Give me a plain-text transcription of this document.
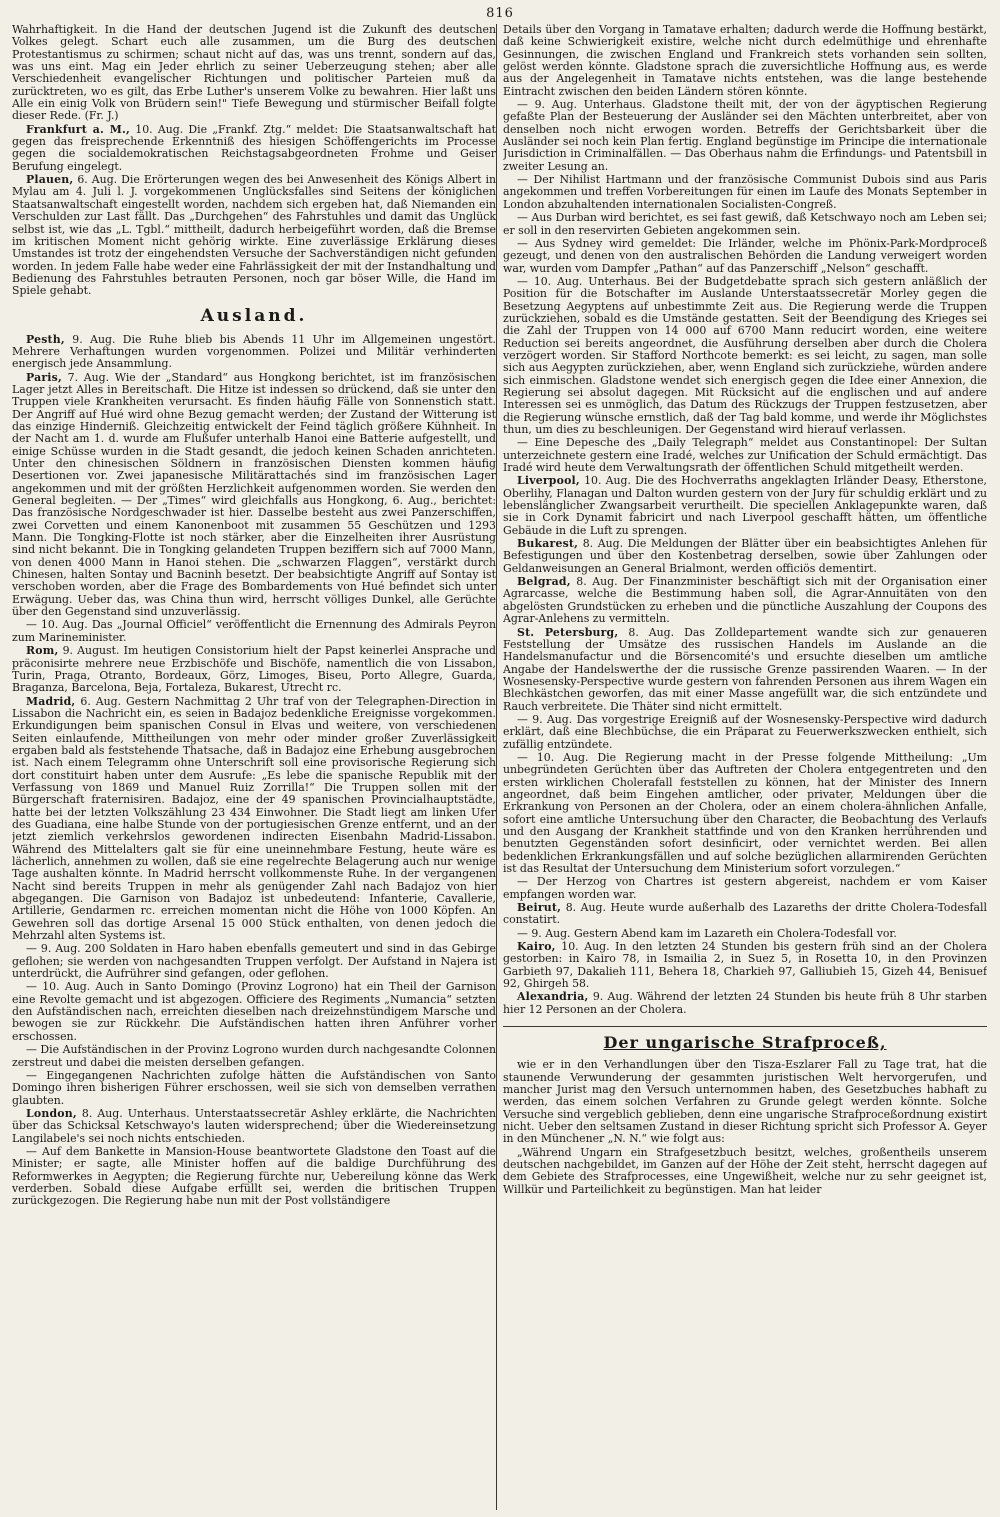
816

Wahrhaftigkeit. In die Hand der deutschen Jugend ist die Zukunft des deutschen Volkes gelegt. Schart euch alle zusammen, um die Burg des deutschen Protestantismus zu schirmen; schaut nicht auf das, was uns trennt, sondern auf das, was uns eint. Mag ein Jeder ehrlich zu seiner Ueberzeugung stehen; aber alle Verschiedenheit evangelischer Richtungen und politischer Parteien muß da zurücktreten, wo es gilt, das Erbe Luther's unserem Volke zu bewahren. Hier laßt uns Alle ein einig Volk von Brüdern sein!" Tiefe Bewegung und stürmischer Beifall folgte dieser Rede. (Fr. J.)

Frankfurt a. M., 10. Aug. Die „Frankf. Ztg.“ meldet: Die Staatsanwaltschaft hat gegen das freisprechende Erkenntniß des hiesigen Schöffengerichts im Processe gegen die socialdemokratischen Reichstagsabgeordneten Frohme und Geiser Berufung eingelegt.

Plauen, 6. Aug. Die Erörterungen wegen des bei Anwesenheit des Königs Albert in Mylau am 4. Juli l. J. vorgekommenen Unglücksfalles sind Seitens der königlichen Staatsanwaltschaft eingestellt worden, nachdem sich ergeben hat, daß Niemanden ein Verschulden zur Last fällt. Das „Durchgehen“ des Fahrstuhles und damit das Unglück selbst ist, wie das „L. Tgbl.“ mittheilt, dadurch herbeigeführt worden, daß die Bremse im kritischen Moment nicht gehörig wirkte. Eine zuverlässige Erklärung dieses Umstandes ist trotz der eingehendsten Versuche der Sachverständigen nicht gefunden worden. In jedem Falle habe weder eine Fahrlässigkeit der mit der Instandhaltung und Bedienung des Fahrstuhles betrauten Personen, noch gar böser Wille, die Hand im Spiele gehabt.

Ausland.

Pesth, 9. Aug. Die Ruhe blieb bis Abends 11 Uhr im Allgemeinen ungestört. Mehrere Verhaftungen wurden vorgenommen. Polizei und Militär verhinderten energisch jede Ansammlung.

Paris, 7. Aug. Wie der „Standard“ aus Hongkong berichtet, ist im französischen Lager jetzt Alles in Bereitschaft. Die Hitze ist indessen so drückend, daß sie unter den Truppen viele Krankheiten verursacht. Es finden häufig Fälle von Sonnenstich statt. Der Angriff auf Hué wird ohne Bezug gemacht werden; der Zustand der Witterung ist das einzige Hinderniß. Gleichzeitig entwickelt der Feind täglich größere Kühnheit. In der Nacht am 1. d. wurde am Flußufer unterhalb Hanoi eine Batterie aufgestellt, und einige Schüsse wurden in die Stadt gesandt, die jedoch keinen Schaden anrichteten. Unter den chinesischen Söldnern in französischen Diensten kommen häufig Desertionen vor. Zwei japanesische Militärattachés sind im französischen Lager angekommen und mit der größten Herzlichkeit aufgenommen worden. Sie werden den General begleiten. — Der „Times“ wird gleichfalls aus Hongkong, 6. Aug., berichtet: Das französische Nordgeschwader ist hier. Dasselbe besteht aus zwei Panzerschiffen, zwei Corvetten und einem Kanonenboot mit zusammen 55 Geschützen und 1293 Mann. Die Tongking-Flotte ist noch stärker, aber die Einzelheiten ihrer Ausrüstung sind nicht bekannt. Die in Tongking gelandeten Truppen beziffern sich auf 7000 Mann, von denen 4000 Mann in Hanoi stehen. Die „schwarzen Flaggen“, verstärkt durch Chinesen, halten Sontay und Bacninh besetzt. Der beabsichtigte Angriff auf Sontay ist verschoben worden, aber die Frage des Bombardements von Hué befindet sich unter Erwägung. Ueber das, was China thun wird, herrscht völliges Dunkel, alle Gerüchte über den Gegenstand sind unzuverlässig.

— 10. Aug. Das „Journal Officiel“ veröffentlicht die Ernennung des Admirals Peyron zum Marineminister.

Rom, 9. August. Im heutigen Consistorium hielt der Papst keinerlei Ansprache und präconisirte mehrere neue Erzbischöfe und Bischöfe, namentlich die von Lissabon, Turin, Praga, Otranto, Bordeaux, Görz, Limoges, Biseu, Porto Allegre, Guarda, Braganza, Barcelona, Beja, Fortaleza, Bukarest, Utrecht rc.

Madrid, 6. Aug. Gestern Nachmittag 2 Uhr traf von der Telegraphen-Direction in Lissabon die Nachricht ein, es seien in Badajoz bedenkliche Ereignisse vorgekommen. Erkundigungen beim spanischen Consul in Elvas und weitere, von verschiedenen Seiten einlaufende, Mittheilungen von mehr oder minder großer Zuverlässigkeit ergaben bald als feststehende Thatsache, daß in Badajoz eine Erhebung ausgebrochen ist. Nach einem Telegramm ohne Unterschrift soll eine provisorische Regierung sich dort constituirt haben unter dem Ausrufe: „Es lebe die spanische Republik mit der Verfassung von 1869 und Manuel Ruiz Zorrilla!“ Die Truppen sollen mit der Bürgerschaft fraternisiren. Badajoz, eine der 49 spanischen Provincialhauptstädte, hatte bei der letzten Volkszählung 23 434 Einwohner. Die Stadt liegt am linken Ufer des Guadiana, eine halbe Stunde von der portugiesischen Grenze entfernt, und an der jetzt ziemlich verkehrslos gewordenen indirecten Eisenbahn Madrid-Lissabon. Während des Mittelalters galt sie für eine uneinnehmbare Festung, heute wäre es lächerlich, annehmen zu wollen, daß sie eine regelrechte Belagerung auch nur wenige Tage aushalten könnte. In Madrid herrscht vollkommenste Ruhe. In der vergangenen Nacht sind bereits Truppen in mehr als genügender Zahl nach Badajoz von hier abgegangen. Die Garnison von Badajoz ist unbedeutend: Infanterie, Cavallerie, Artillerie, Gendarmen rc. erreichen momentan nicht die Höhe von 1000 Köpfen. An Gewehren soll das dortige Arsenal 15 000 Stück enthalten, von denen jedoch die Mehrzahl alten Systems ist.

— 9. Aug. 200 Soldaten in Haro haben ebenfalls gemeutert und sind in das Gebirge geflohen; sie werden von nachgesandten Truppen verfolgt. Der Aufstand in Najera ist unterdrückt, die Aufrührer sind gefangen, oder geflohen.

— 10. Aug. Auch in Santo Domingo (Provinz Logrono) hat ein Theil der Garnison eine Revolte gemacht und ist abgezogen. Officiere des Regiments „Numancia“ setzten den Aufständischen nach, erreichten dieselben nach dreizehnstündigem Marsche und bewogen sie zur Rückkehr. Die Aufständischen hatten ihren Anführer vorher erschossen.

— Die Aufständischen in der Provinz Logrono wurden durch nachgesandte Colonnen zerstreut und dabei die meisten derselben gefangen.

— Eingegangenen Nachrichten zufolge hätten die Aufständischen von Santo Domingo ihren bisherigen Führer erschossen, weil sie sich von demselben verrathen glaubten.

London, 8. Aug. Unterhaus. Unterstaatssecretär Ashley erklärte, die Nachrichten über das Schicksal Ketschwayo's lauten widersprechend; über die Wiedereinsetzung Langilabele's sei noch nichts entschieden.

— Auf dem Bankette in Mansion-House beantwortete Gladstone den Toast auf die Minister; er sagte, alle Minister hoffen auf die baldige Durchführung des Reformwerkes in Aegypten; die Regierung fürchte nur, Uebereilung könne das Werk verderben. Sobald diese Aufgabe erfüllt sei, werden die britischen Truppen zurückgezogen. Die Regierung habe nun mit der Post vollständigere

Details über den Vorgang in Tamatave erhalten; dadurch werde die Hoffnung bestärkt, daß keine Schwierigkeit existire, welche nicht durch edelmüthige und ehrenhafte Gesinnungen, die zwischen England und Frankreich stets vorhanden sein sollten, gelöst werden könnte. Gladstone sprach die zuversichtliche Hoffnung aus, es werde aus der Angelegenheit in Tamatave nichts entstehen, was die lange bestehende Eintracht zwischen den beiden Ländern stören könnte.

— 9. Aug. Unterhaus. Gladstone theilt mit, der von der ägyptischen Regierung gefaßte Plan der Besteuerung der Ausländer sei den Mächten unterbreitet, aber von denselben noch nicht erwogen worden. Betreffs der Gerichtsbarkeit über die Ausländer sei noch kein Plan fertig. England begünstige im Principe die internationale Jurisdiction in Criminalfällen. — Das Oberhaus nahm die Erfindungs- und Patentsbill in zweiter Lesung an.

— Der Nihilist Hartmann und der französische Communist Dubois sind aus Paris angekommen und treffen Vorbereitungen für einen im Laufe des Monats September in London abzuhaltenden internationalen Socialisten-Congreß.

— Aus Durban wird berichtet, es sei fast gewiß, daß Ketschwayo noch am Leben sei; er soll in den reservirten Gebieten angekommen sein.

— Aus Sydney wird gemeldet: Die Irländer, welche im Phönix-Park-Mordproceß gezeugt, und denen von den australischen Behörden die Landung verweigert worden war, wurden vom Dampfer „Pathan“ auf das Panzerschiff „Nelson“ geschafft.

— 10. Aug. Unterhaus. Bei der Budgetdebatte sprach sich gestern anläßlich der Position für die Botschafter im Auslande Unterstaatssecretär Morley gegen die Besetzung Aegyptens auf unbestimmte Zeit aus. Die Regierung werde die Truppen zurückziehen, sobald es die Umstände gestatten. Seit der Beendigung des Krieges sei die Zahl der Truppen von 14 000 auf 6700 Mann reducirt worden, eine weitere Reduction sei bereits angeordnet, die Ausführung derselben aber durch die Cholera verzögert worden. Sir Stafford Northcote bemerkt: es sei leicht, zu sagen, man solle sich aus Aegypten zurückziehen, aber, wenn England sich zurückziehe, würden andere sich einmischen. Gladstone wendet sich energisch gegen die Idee einer Annexion, die Regierung sei absolut dagegen. Mit Rücksicht auf die englischen und auf andere Interessen sei es unmöglich, das Datum des Rückzugs der Truppen festzusetzen, aber die Regierung wünsche ernstlich, daß der Tag bald komme, und werde ihr Möglichstes thun, um dies zu beschleunigen. Der Gegenstand wird hierauf verlassen.

— Eine Depesche des „Daily Telegraph“ meldet aus Constantinopel: Der Sultan unterzeichnete gestern eine Iradé, welches zur Unification der Schuld ermächtigt. Das Iradé wird heute dem Verwaltungsrath der öffentlichen Schuld mitgetheilt werden.

Liverpool, 10. Aug. Die des Hochverraths angeklagten Irländer Deasy, Etherstone, Oberlihy, Flanagan und Dalton wurden gestern von der Jury für schuldig erklärt und zu lebenslänglicher Zwangsarbeit verurtheilt. Die speciellen Anklagepunkte waren, daß sie in Cork Dynamit fabricirt und nach Liverpool geschafft hätten, um öffentliche Gebäude in die Luft zu sprengen.

Bukarest, 8. Aug. Die Meldungen der Blätter über ein beabsichtigtes Anlehen für Befestigungen und über den Kostenbetrag derselben, sowie über Zahlungen oder Geldanweisungen an General Brialmont, werden officiös dementirt.

Belgrad, 8. Aug. Der Finanzminister beschäftigt sich mit der Organisation einer Agrarcasse, welche die Bestimmung haben soll, die Agrar-Annuitäten von den abgelösten Grundstücken zu erheben und die pünctliche Auszahlung der Coupons des Agrar-Anlehens zu vermitteln.

St. Petersburg, 8. Aug. Das Zolldepartement wandte sich zur genaueren Feststellung der Umsätze des russischen Handels im Auslande an die Handelsmanufactur und die Börsencomité's und ersuchte dieselben um amtliche Angabe der Handelswerthe der die russische Grenze passirenden Waaren. — In der Wosnesensky-Perspective wurde gestern von fahrenden Personen aus ihrem Wagen ein Blechkästchen geworfen, das mit einer Masse angefüllt war, die sich entzündete und Rauch verbreitete. Die Thäter sind nicht ermittelt.

— 9. Aug. Das vorgestrige Ereigniß auf der Wosnesensky-Perspective wird dadurch erklärt, daß eine Blechbüchse, die ein Präparat zu Feuerwerkszwecken enthielt, sich zufällig entzündete.

— 10. Aug. Die Regierung macht in der Presse folgende Mittheilung: „Um unbegründeten Gerüchten über das Auftreten der Cholera entgegentreten und den ersten wirklichen Cholerafall feststellen zu können, hat der Minister des Innern angeordnet, daß beim Eingehen amtlicher, oder privater, Meldungen über die Erkrankung von Personen an der Cholera, oder an einem cholera-ähnlichen Anfalle, sofort eine amtliche Untersuchung über den Character, die Beobachtung des Verlaufs und den Ausgang der Krankheit stattfinde und von den Kranken herrührenden und benutzten Gegenständen sofort desinficirt, oder vernichtet werden. Bei allen bedenklichen Erkrankungsfällen und auf solche bezüglichen allarmirenden Gerüchten ist das Resultat der Untersuchung dem Ministerium sofort vorzulegen.“

— Der Herzog von Chartres ist gestern abgereist, nachdem er vom Kaiser empfangen worden war.

Beirut, 8. Aug. Heute wurde außerhalb des Lazareths der dritte Cholera-Todesfall constatirt.

— 9. Aug. Gestern Abend kam im Lazareth ein Cholera-Todesfall vor.

Kairo, 10. Aug. In den letzten 24 Stunden bis gestern früh sind an der Cholera gestorben: in Kairo 78, in Ismailia 2, in Suez 5, in Rosetta 10, in den Provinzen Garbieth 97, Dakalieh 111, Behera 18, Charkieh 97, Galliubieh 15, Gizeh 44, Benisuef 92, Ghirgeh 58.

Alexandria, 9. Aug. Während der letzten 24 Stunden bis heute früh 8 Uhr starben hier 12 Personen an der Cholera.

Der ungarische Strafproceß,

wie er in den Verhandlungen über den Tisza-Eszlarer Fall zu Tage trat, hat die staunende Verwunderung der gesammten juristischen Welt hervorgerufen, und mancher Jurist mag den Versuch unternommen haben, des Gesetzbuches habhaft zu werden, das einem solchen Verfahren zu Grunde gelegt werden könnte. Solche Versuche sind vergeblich geblieben, denn eine ungarische Strafproceßordnung existirt nicht. Ueber den seltsamen Zustand in dieser Richtung spricht sich Professor A. Geyer in den Münchener „N. N.“ wie folgt aus:

„Während Ungarn ein Strafgesetzbuch besitzt, welches, großentheils unserem deutschen nachgebildet, im Ganzen auf der Höhe der Zeit steht, herrscht dagegen auf dem Gebiete des Strafprocesses, eine Ungewißheit, welche nur zu sehr geeignet ist, Willkür und Parteilichkeit zu begünstigen. Man hat leider
